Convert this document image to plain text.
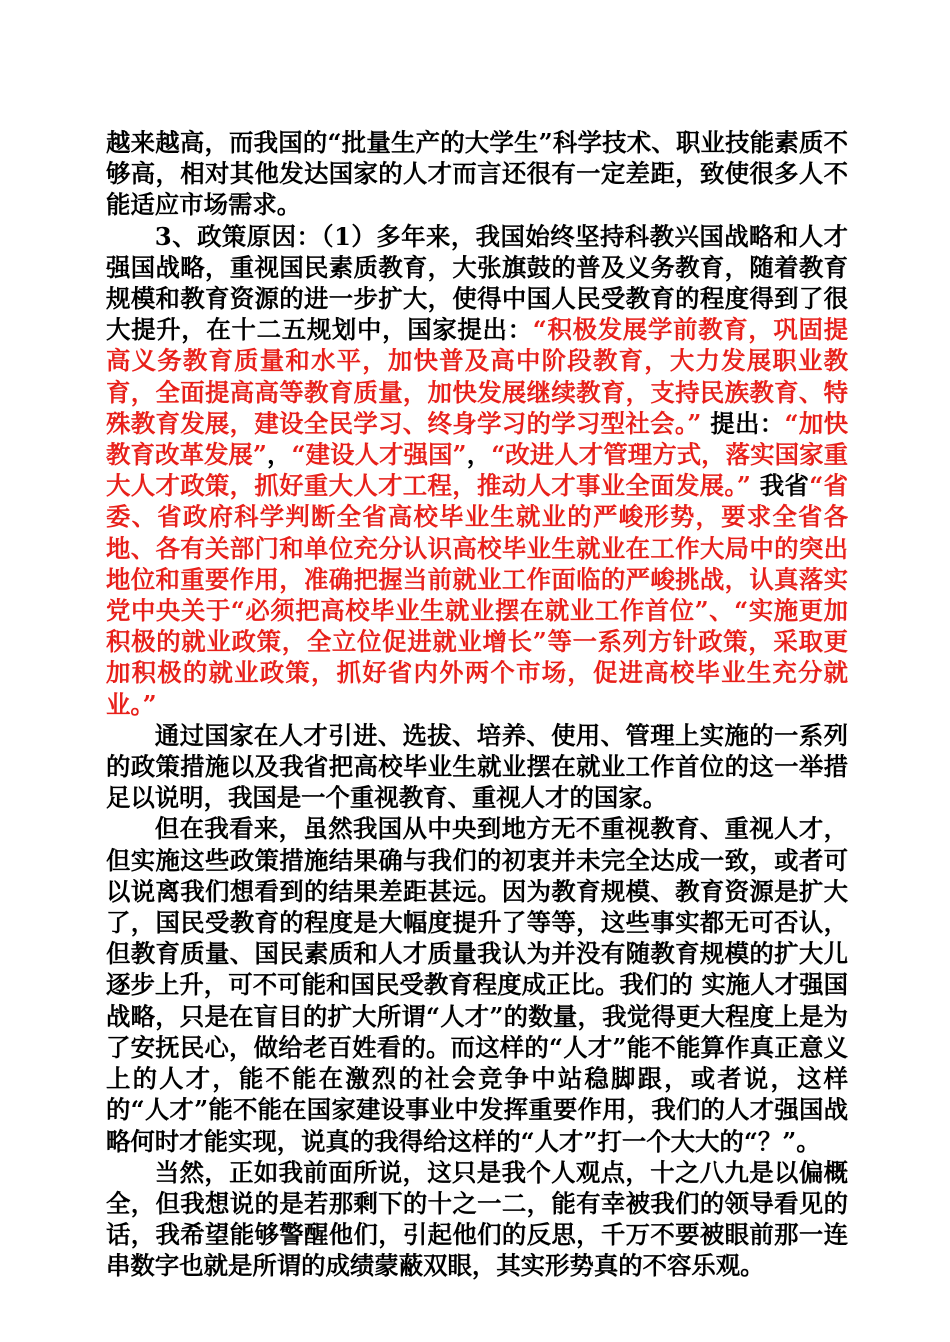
越来越高，而我国的“批量生产的大学生”科学技术、职业技能素质不够高，相对其他发达国家的人才而言还很有一定差距，致使很多人不能适应市场需求。

3、政策原因：（1）多年来，我国始终坚持科教兴国战略和人才强国战略，重视国民素质教育，大张旗鼓的普及义务教育，随着教育规模和教育资源的进一步扩大，使得中国人民受教育的程度得到了很大提升，在十二五规划中，国家提出：“积极发展学前教育，巩固提高义务教育质量和水平，加快普及高中阶段教育，大力发展职业教育，全面提高高等教育质量，加快发展继续教育，支持民族教育、特殊教育发展，建设全民学习、终身学习的学习型社会。” 提出：“加快教育改革发展”，“建设人才强国”，“改进人才管理方式，落实国家重大人才政策，抓好重大人才工程，推动人才事业全面发展。” 我省“省委、省政府科学判断全省高校毕业生就业的严峻形势，要求全省各地、各有关部门和单位充分认识高校毕业生就业在工作大局中的突出地位和重要作用，准确把握当前就业工作面临的严峻挑战，认真落实党中央关于“必须把高校毕业生就业摆在就业工作首位”、“实施更加积极的就业政策，全立位促进就业增长”等一系列方针政策，采取更加积极的就业政策，抓好省内外两个市场，促进高校毕业生充分就业。”

通过国家在人才引进、选拔、培养、使用、管理上实施的一系列的政策措施以及我省把高校毕业生就业摆在就业工作首位的这一举措足以说明，我国是一个重视教育、重视人才的国家。

但在我看来，虽然我国从中央到地方无不重视教育、重视人才，但实施这些政策措施结果确与我们的初衷并未完全达成一致，或者可以说离我们想看到的结果差距甚远。因为教育规模、教育资源是扩大了，国民受教育的程度是大幅度提升了等等，这些事实都无可否认，但教育质量、国民素质和人才质量我认为并没有随教育规模的扩大儿逐步上升，可不可能和国民受教育程度成正比。我们的 实施人才强国战略，只是在盲目的扩大所谓“人才”的数量，我觉得更大程度上是为了安抚民心，做给老百姓看的。而这样的“人才”能不能算作真正意义上的人才，能不能在激烈的社会竞争中站稳脚跟，或者说，这样的“人才”能不能在国家建设事业中发挥重要作用，我们的人才强国战略何时才能实现，说真的我得给这样的“人才”打一个大大的“？”。

当然，正如我前面所说，这只是我个人观点，十之八九是以偏概全，但我想说的是若那剩下的十之一二，能有幸被我们的领导看见的话，我希望能够警醒他们，引起他们的反思，千万不要被眼前那一连串数字也就是所谓的成绩蒙蔽双眼，其实形势真的不容乐观。
